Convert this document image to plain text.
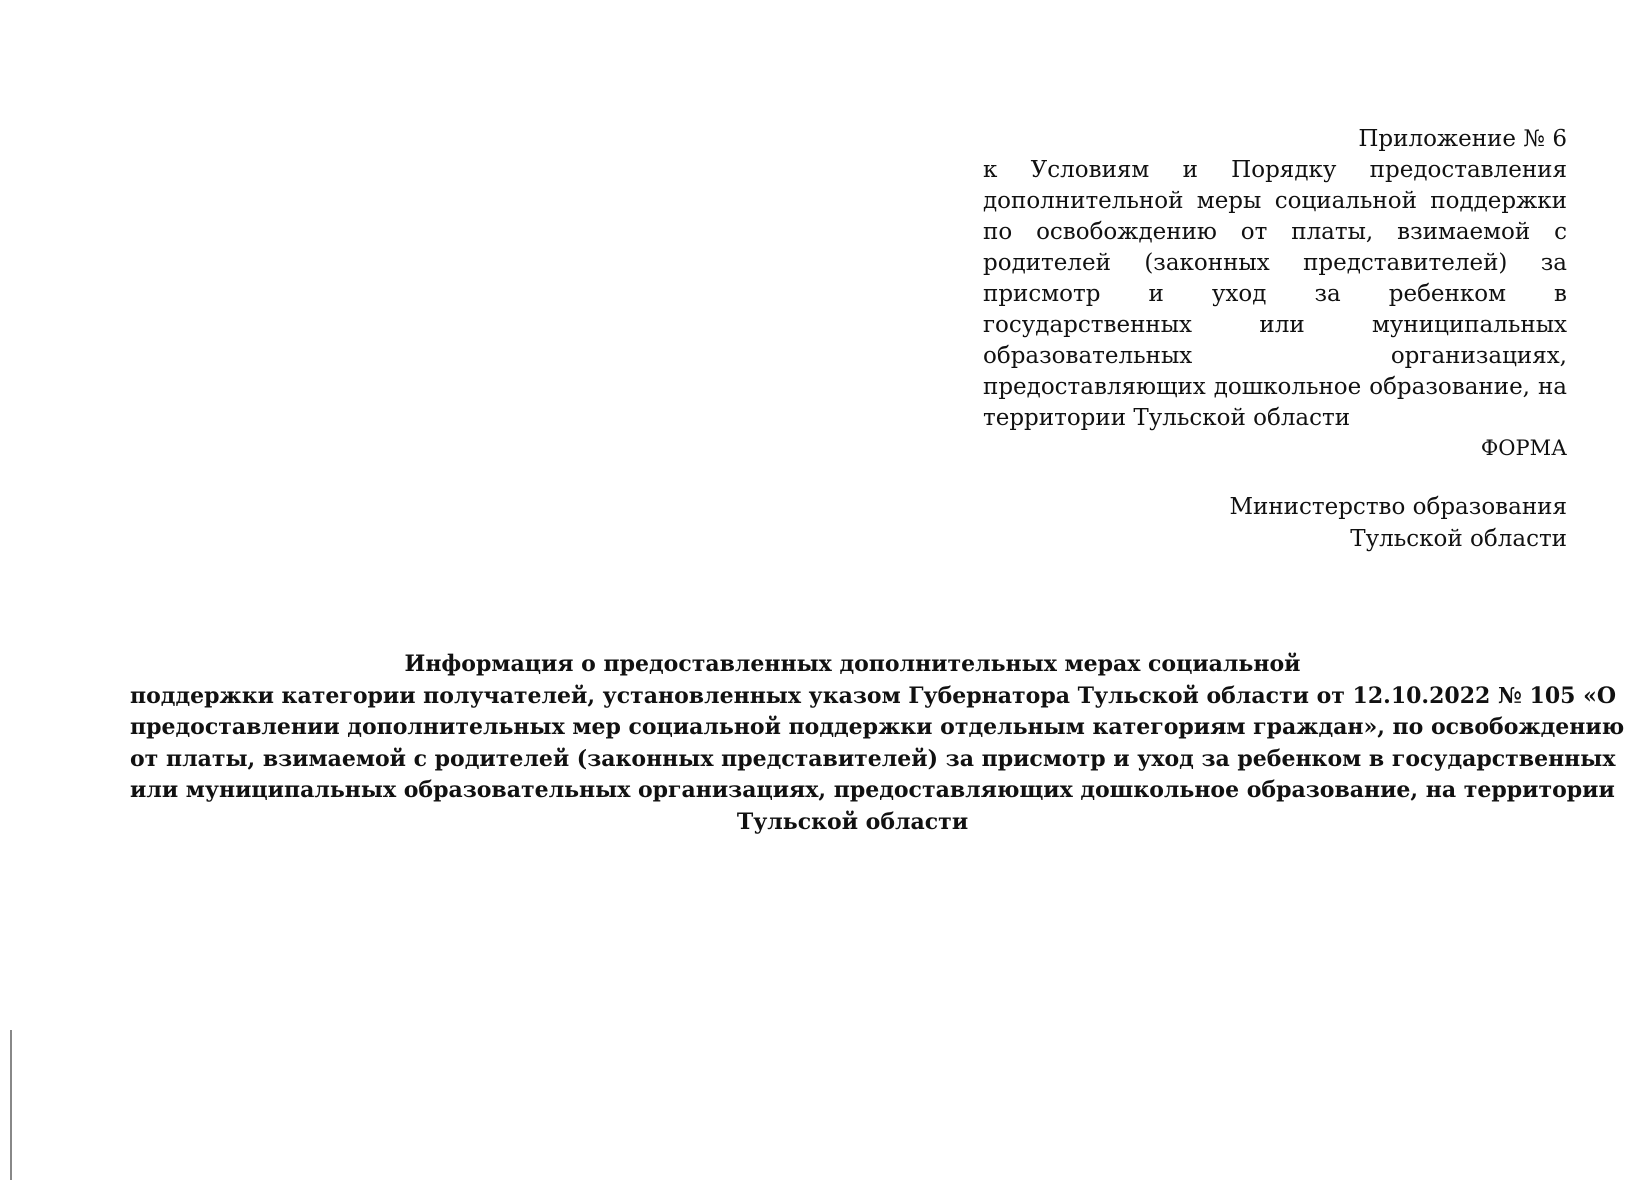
Приложение № 6

к Условиям и Порядку предоставления дополнительной меры социальной поддержки по освобождению от платы, взимаемой с родителей (законных представителей) за присмотр и уход за ребенком в государственных или муниципальных образовательных организациях, предоставляющих дошкольное образование, на территории Тульской области

ФОРМА

Министерство образования
Тульской области
Информация о предоставленных дополнительных мерах социальной
поддержки категории получателей, установленных указом Губернатора Тульской области от 12.10.2022 № 105 «О
предоставлении дополнительных мер социальной поддержки отдельным категориям граждан», по освобождению
от платы, взимаемой с родителей (законных представителей) за присмотр и уход за ребенком в государственных
или муниципальных образовательных организациях, предоставляющих дошкольное образование, на территории
Тульской области
